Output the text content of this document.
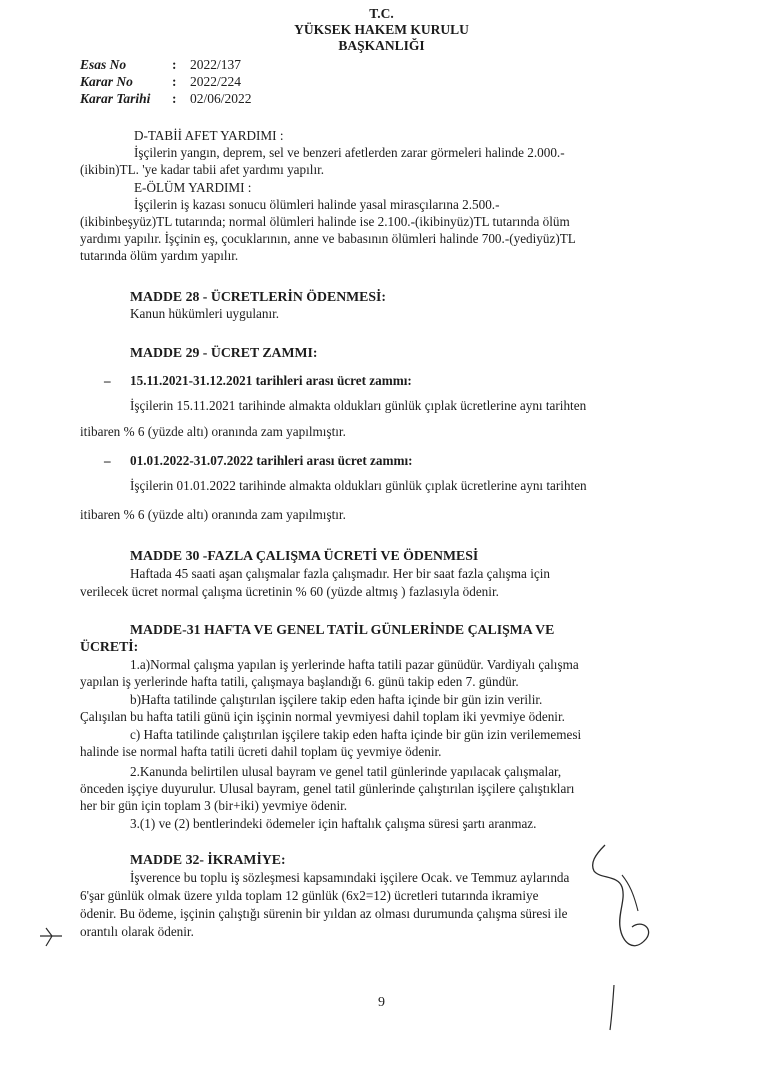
T.C.
YÜKSEK HAKEM KURULU
BAŞKANLIĞI
Esas No	: 2022/137
Karar No	: 2022/224
Karar Tarihi : 02/06/2022
D-TABİİ AFET YARDIMI :
İşçilerin yangın, deprem, sel ve benzeri afetlerden zarar görmeleri halinde 2.000.-
(ikibin)TL. 'ye kadar tabii afet yardımı yapılır.
E-ÖLÜM YARDIMI :
İşçilerin iş kazası sonucu ölümleri halinde yasal mirasçılarına 2.500.-
(ikibinbeşyüz)TL tutarında; normal ölümleri halinde ise 2.100.-(ikibinyüz)TL tutarında ölüm
yardımı yapılır. İşçinin eş, çocuklarının, anne ve babasının ölümleri halinde 700.-(yediyüz)TL
tutarında ölüm yardım yapılır.
MADDE 28 - ÜCRETLERİN ÖDENMESİ:
Kanun hükümleri uygulanır.
MADDE 29 - ÜCRET ZAMMI:
– 15.11.2021-31.12.2021 tarihleri arası ücret zammı:
İşçilerin 15.11.2021 tarihinde almakta oldukları günlük çıplak ücretlerine aynı tarihten
itibaren % 6 (yüzde altı) oranında zam yapılmıştır.
– 01.01.2022-31.07.2022 tarihleri arası ücret zammı:
İşçilerin 01.01.2022 tarihinde almakta oldukları günlük çıplak ücretlerine aynı tarihten
itibaren % 6 (yüzde altı) oranında zam yapılmıştır.
MADDE 30 -FAZLA ÇALIŞMA ÜCRETİ VE ÖDENMESİ
Haftada 45 saati aşan çalışmalar fazla çalışmadır. Her bir saat fazla çalışma için
verilecek ücret normal çalışma ücretinin % 60 (yüzde altmış ) fazlasıyla ödenir.
MADDE-31 HAFTA VE GENEL TATİL GÜNLERİNDE ÇALIŞMA VE
ÜCRETİ:
1.a)Normal çalışma yapılan iş yerlerinde hafta tatili pazar günüdür. Vardiyalı çalışma
yapılan iş yerlerinde hafta tatili, çalışmaya başlandığı 6. günü takip eden 7. gündür.
b)Hafta tatilinde çalıştırılan işçilere takip eden hafta içinde bir gün izin verilir.
Çalışılan bu hafta tatili günü için işçinin normal yevmiyesi dahil toplam iki yevmiye ödenir.
c) Hafta tatilinde çalıştırılan işçilere takip eden hafta içinde bir gün izin verilememesi
halinde ise normal hafta tatili ücreti dahil toplam üç yevmiye ödenir.
2.Kanunda belirtilen ulusal bayram ve genel tatil günlerinde yapılacak çalışmalar,
önceden işçiye duyurulur. Ulusal bayram, genel tatil günlerinde çalıştırılan işçilere çalıştıkları
her bir gün için toplam 3 (bir+iki) yevmiye ödenir.
3.(1) ve (2) bentlerindeki ödemeler için haftalık çalışma süresi şartı aranmaz.
MADDE 32- İKRAMİYE:
İşverence bu toplu iş sözleşmesi kapsamındaki işçilere Ocak. ve Temmuz aylarında
6'şar günlük olmak üzere yılda toplam 12 günlük (6x2=12) ücretleri tutarında ikramiye
ödenir. Bu ödeme, işçinin çalıştığı sürenin bir yıldan az olması durumunda çalışma süresi ile
orantılı olarak ödenir.
9
